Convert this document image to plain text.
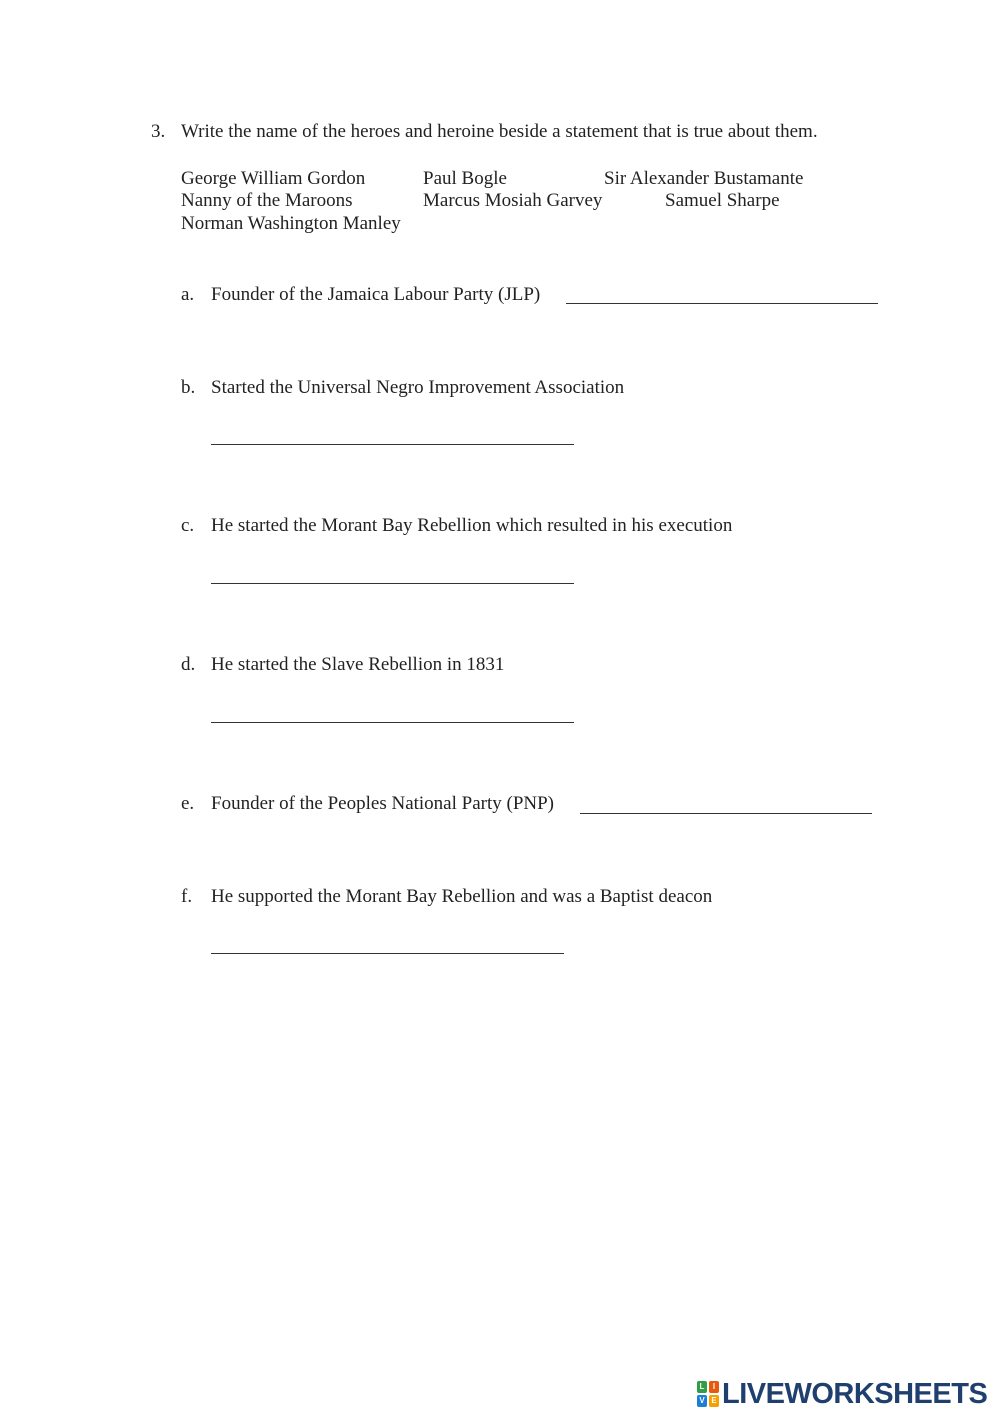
3. Write the name of the heroes and heroine beside a statement that is true about them.
George William Gordon	Paul Bogle	Sir Alexander Bustamante
Nanny of the Maroons	Marcus Mosiah Garvey	Samuel Sharpe
Norman Washington Manley
a. Founder of the Jamaica Labour Party (JLP)
b. Started the Universal Negro Improvement Association
c. He started the Morant Bay Rebellion which resulted in his execution
d. He started the Slave Rebellion in 1831
e. Founder of the Peoples National Party (PNP)
f. He supported the Morant Bay Rebellion and was a Baptist deacon
L	I
V E LIVEWORKSHEETS
